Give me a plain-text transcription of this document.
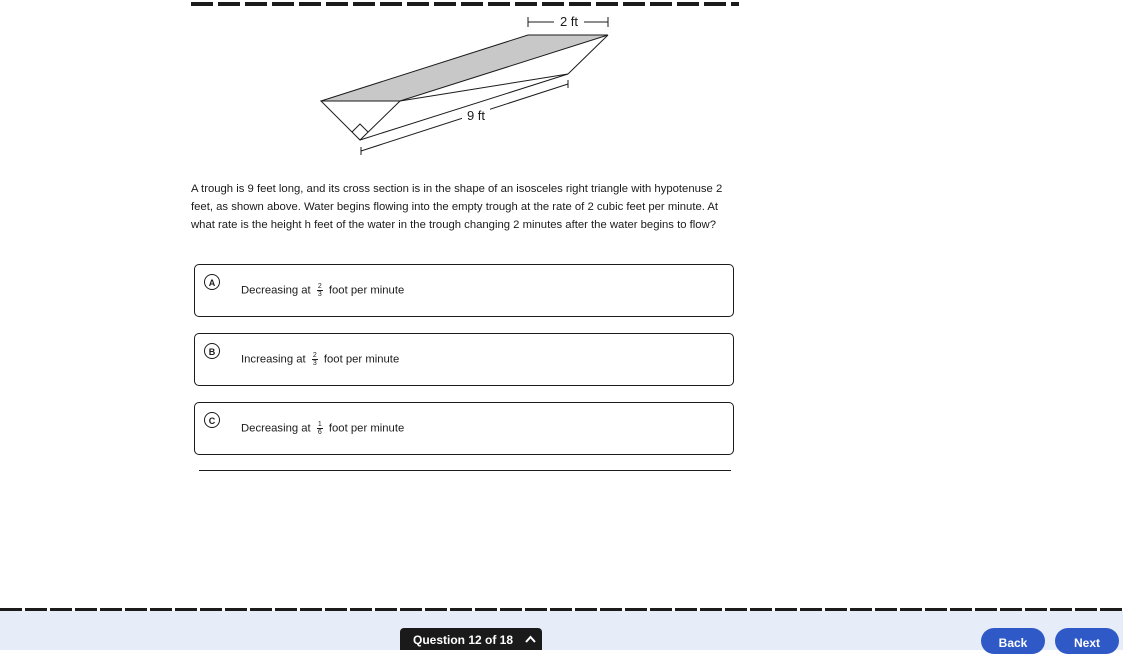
9 ft
2 ft

A trough is 9 feet long, and its cross section is in the shape of an isosceles right triangle with hypotenuse 2 feet, as shown above. Water begins flowing into the empty trough at the rate of 2 cubic feet per minute. At what rate is the height h feet of the water in the trough changing 2 minutes after the water begins to flow?

A
Decreasing at $\frac{2}{3}$ foot per minute
B
Increasing at $\frac{2}{3}$ foot per minute
C
Decreasing at $\frac{1}{6}$ foot per minute
Question 12 of 18	Back	Next
